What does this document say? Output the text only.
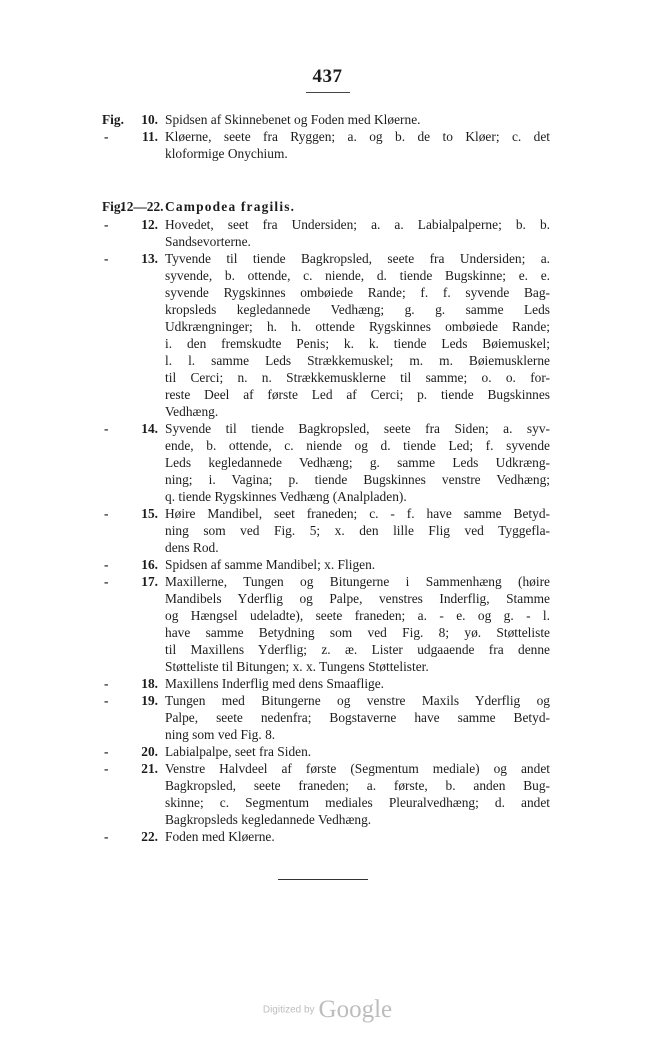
437
Fig.	10. Spidsen af Skinnebenet og Foden med Kløerne.
-	11. Kløerne, seete fra Ryggen; a. og b. de to Kløer; c. det
kloformige Onychium.
Fig.
12—22. Campodea fragilis.
-	12. Hovedet, seet fra Undersiden; a. a. Labialpalperne; b. b.
Sandsevorterne.
-	13. Tyvende til tiende Bagkropsled, seete fra Undersiden; a.
syvende, b. ottende, c. niende, d. tiende Bugskinne; e. e.
syvende Rygskinnes ombøiede Rande; f. f. syvende Bag-
kropsleds kegledannede Vedhæng; g. g. samme Leds
Udkrængninger; h. h. ottende Rygskinnes ombøiede Rande;
i. den fremskudte Penis; k. k. tiende Leds Bøiemuskel;
l. l. samme Leds Strækkemuskel; m. m. Bøiemusklerne
til Cerci; n. n. Strækkemusklerne til samme; o. o. for-
reste Deel af første Led af Cerci; p. tiende Bugskinnes
Vedhæng.
-	14. Syvende til tiende Bagkropsled, seete fra Siden; a. syv-
ende, b. ottende, c. niende og d. tiende Led; f. syvende
Leds kegledannede Vedhæng; g. samme Leds Udkræng-
ning; i. Vagina; p. tiende Bugskinnes venstre Vedhæng;
q. tiende Rygskinnes Vedhæng (Analpladen).
-	15. Høire Mandibel, seet franeden; c. - f. have samme Betyd-
ning som ved Fig. 5; x. den lille Flig ved Tyggefla-
dens Rod.
-	16. Spidsen af samme Mandibel; x. Fligen.
-	17. Maxillerne, Tungen og Bitungerne i Sammenhæng (høire
Mandibels Yderflig og Palpe, venstres Inderflig, Stamme
og Hængsel udeladte), seete franeden; a. - e. og g. - l.
have samme Betydning som ved Fig. 8; yø. Støtteliste
til Maxillens Yderflig; z. æ. Lister udgaaende fra denne
Støtteliste til Bitungen; x. x. Tungens Støttelister.
-	18. Maxillens Inderflig med dens Smaaflige.
-	19. Tungen med Bitungerne og venstre Maxils Yderflig og
Palpe, seete nedenfra; Bogstaverne have samme Betyd-
ning som ved Fig. 8.
-	20. Labialpalpe, seet fra Siden.
-	21. Venstre Halvdeel af første (Segmentum mediale) og andet
Bagkropsled, seete franeden; a. første, b. anden Bug-
skinne; c. Segmentum mediales Pleuralvedhæng; d. andet
Bagkropsleds kegledannede Vedhæng.
-	22. Foden med Kløerne.
Digitized by Google
